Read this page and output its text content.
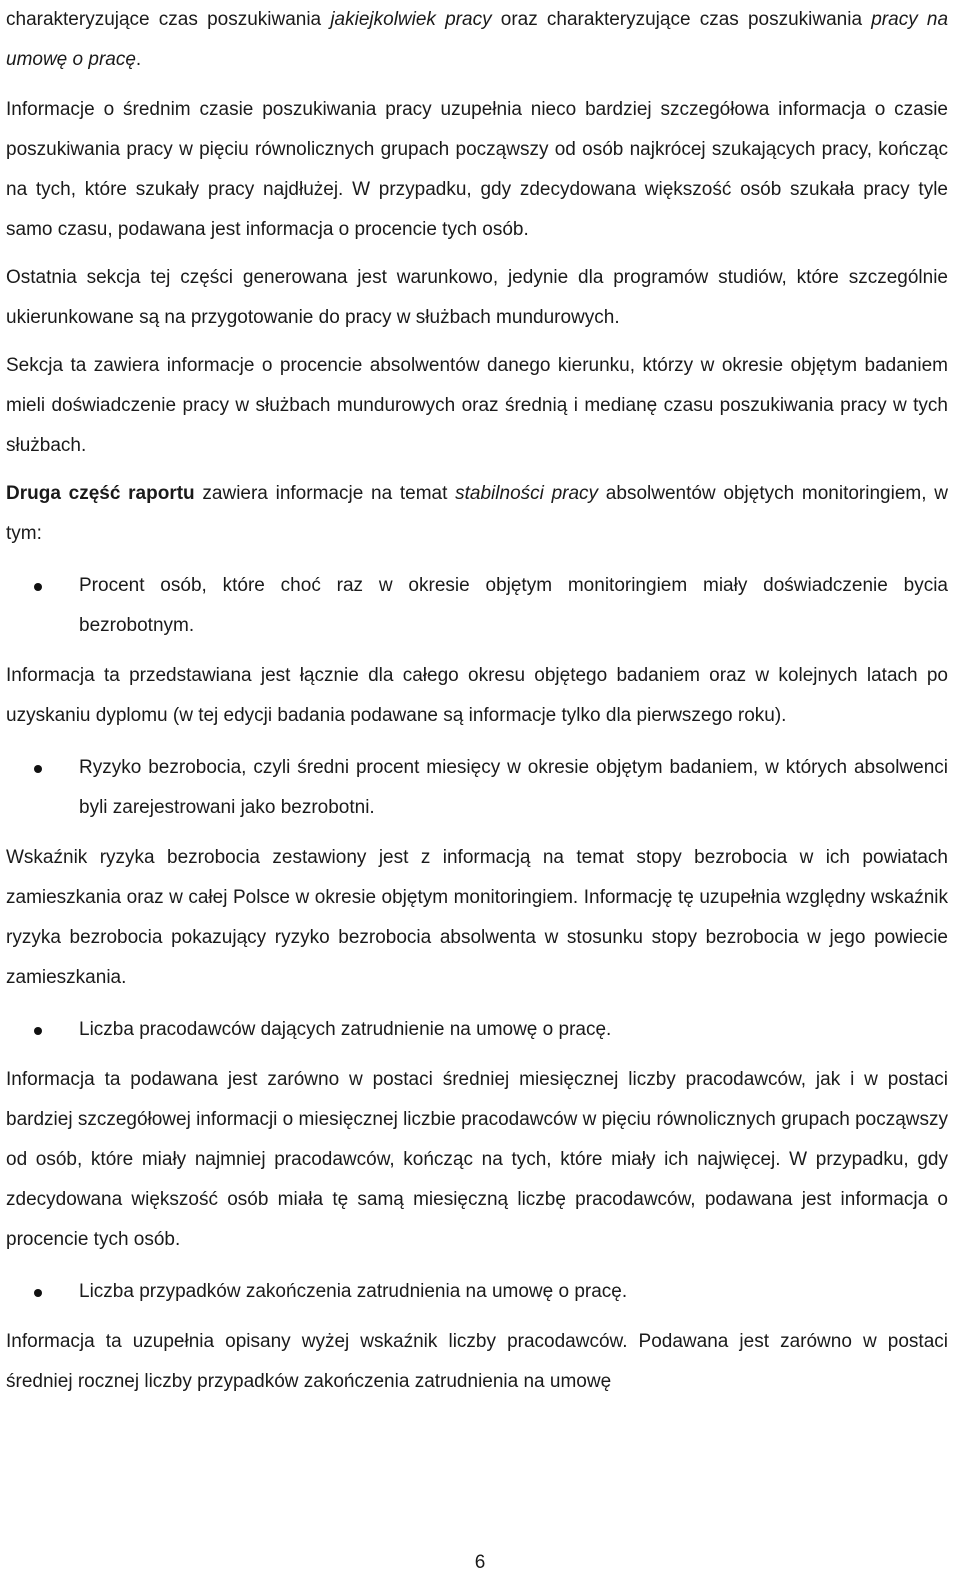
charakteryzujące czas poszukiwania jakiejkolwiek pracy oraz charakteryzujące czas poszukiwania pracy na umowę o pracę.

Informacje o średnim czasie poszukiwania pracy uzupełnia nieco bardziej szczegółowa informacja o czasie poszukiwania pracy w pięciu równolicznych grupach począwszy od osób najkrócej szukających pracy, kończąc na tych, które szukały pracy najdłużej. W przypadku, gdy zdecydowana większość osób szukała pracy tyle samo czasu, podawana jest informacja o procencie tych osób.

Ostatnia sekcja tej części generowana jest warunkowo, jedynie dla programów studiów, które szczególnie ukierunkowane są na przygotowanie do pracy w służbach mundurowych.

Sekcja ta zawiera informacje o procencie absolwentów danego kierunku, którzy w okresie objętym badaniem mieli doświadczenie pracy w służbach mundurowych oraz średnią i medianę czasu poszukiwania pracy w tych służbach.

Druga część raportu zawiera informacje na temat stabilności pracy absolwentów objętych monitoringiem, w tym:

Procent osób, które choć raz w okresie objętym monitoringiem miały doświadczenie bycia bezrobotnym.

Informacja ta przedstawiana jest łącznie dla całego okresu objętego badaniem oraz w kolejnych latach po uzyskaniu dyplomu (w tej edycji badania podawane są informacje tylko dla pierwszego roku).

Ryzyko bezrobocia, czyli średni procent miesięcy w okresie objętym badaniem, w których absolwenci byli zarejestrowani jako bezrobotni.

Wskaźnik ryzyka bezrobocia zestawiony jest z informacją na temat stopy bezrobocia w ich powiatach zamieszkania oraz w całej Polsce w okresie objętym monitoringiem. Informację tę uzupełnia względny wskaźnik ryzyka bezrobocia pokazujący ryzyko bezrobocia absolwenta w stosunku stopy bezrobocia w jego powiecie zamieszkania.

Liczba pracodawców dających zatrudnienie na umowę o pracę.

Informacja ta podawana jest zarówno w postaci średniej miesięcznej liczby pracodawców, jak i w postaci bardziej szczegółowej informacji o miesięcznej liczbie pracodawców w pięciu równolicznych grupach począwszy od osób, które miały najmniej pracodawców, kończąc na tych, które miały ich najwięcej. W przypadku, gdy zdecydowana większość osób miała tę samą miesięczną liczbę pracodawców, podawana jest informacja o procencie tych osób.

Liczba przypadków zakończenia zatrudnienia na umowę o pracę.

Informacja ta uzupełnia opisany wyżej wskaźnik liczby pracodawców. Podawana jest zarówno w postaci średniej rocznej liczby przypadków zakończenia zatrudnienia na umowę

6
